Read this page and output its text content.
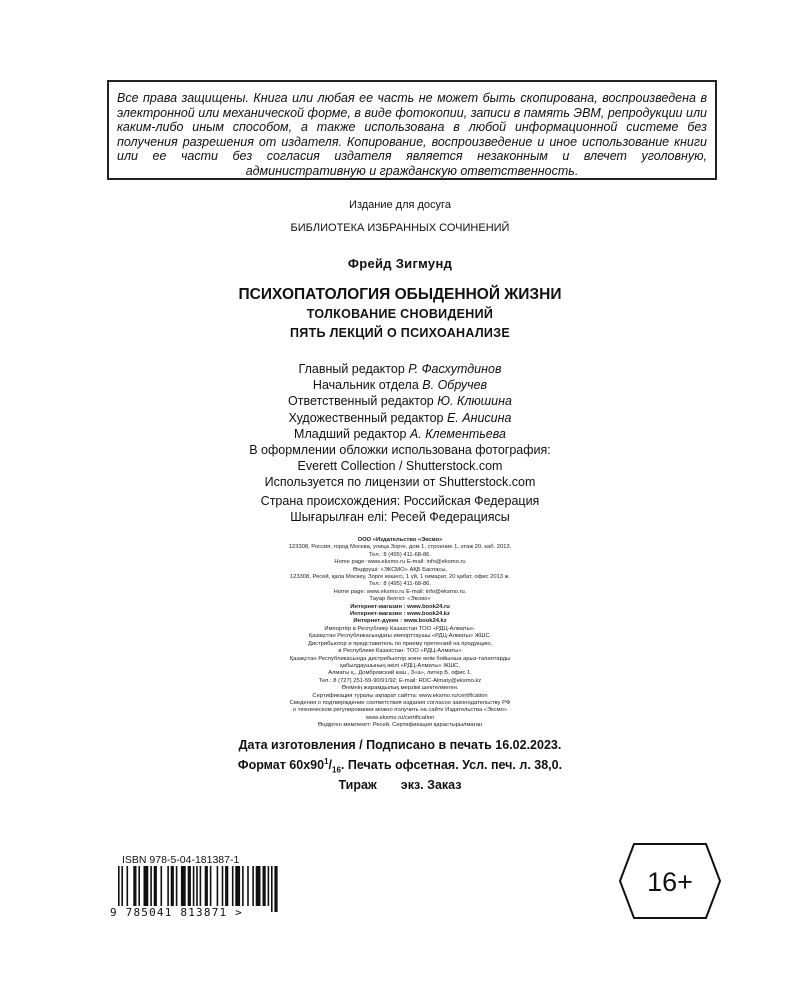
Все права защищены. Книга или любая ее часть не может быть скопирована, воспроизведена в электронной или механической форме, в виде фотокопии, записи в память ЭВМ, репродукции или каким-либо иным способом, а также использована в любой информационной системе без получения разрешения от издателя. Копирование, воспроизведение и иное использование книги или ее части без согласия издателя является незаконным и влечет уголовную, административную и гражданскую ответственность.
Издание для досуга
БИБЛИОТЕКА ИЗБРАННЫХ СОЧИНЕНИЙ
Фрейд Зигмунд
ПСИХОПАТОЛОГИЯ ОБЫДЕННОЙ ЖИЗНИ
ТОЛКОВАНИЕ СНОВИДЕНИЙ
ПЯТЬ ЛЕКЦИЙ О ПСИХОАНАЛИЗЕ
Главный редактор Р. Фасхутдинов
Начальник отдела В. Обручев
Ответственный редактор Ю. Клюшина
Художественный редактор Е. Анисина
Младший редактор А. Клементьева
В оформлении обложки использована фотография:
Everett Collection / Shutterstock.com
Используется по лицензии от Shutterstock.com
Страна происхождения: Российская Федерация
Шығарылған елі: Ресей Федерациясы
ООО «Издательство «Эксмо»
123308, Россия, город Москва, улица Зорге, дом 1, строение 1, этаж 20, каб. 2013.
Тел.: 8 (495) 411-68-86.
Home page: www.eksmo.ru E-mail: info@eksmo.ru
Өндіруші: «ЭКСМО» АҚБ Баспасы,
123308, Ресей, қала Мәскеу, Зорге көшесі, 1 үй, 1 ғимарат, 20 қабат, офис 2013 ж.
Тел.: 8 (495) 411-68-86.
Home page: www.eksmo.ru E-mail: info@eksmo.ru.
Тауар белгісі: «Эксмо»
Интернет-магазин : www.book24.ru
Интернет-магазин : www.book24.kz
Интернет-дүкен : www.book24.kz
Импортёр в Республику Казахстан ТОО «РДЦ-Алматы».
Қазақстан Республикасындағы импорттаушы «РДЦ-Алматы» ЖШС.
Дистрибьютор и представитель по приему претензий на продукцию,
в Республике Казахстан: ТОО «РДЦ-Алматы»
Қазақстан Республикасында дистрибьютор және өнім бойынша арыз-талаптарды
қабылдаушының өкілі «РДЦ-Алматы» ЖШС,
Алматы қ., Домбровский көш., 3«а», литер Б, офис 1.
Тел.: 8 (727) 251-59-90/91/92; E-mail: RDC-Almaty@eksmo.kz
Өнімнің жарамдылық мерзімі шектелмеген.
Сертификация туралы ақпарат сайтта: www.eksmo.ru/certification
Сведения о подтверждении соответствия издания согласно законодательству РФ
о техническом регулировании можно получить на сайте Издательства «Эксмо»
www.eksmo.ru/certification
Өндірген мемлекет: Ресей. Сертификация қарастырылмаған
Дата изготовления / Подписано в печать 16.02.2023.
Формат $60x90^1/_{16}$. Печать офсетная. Усл. печ. л. 38,0.
Тираж экз. Заказ
ISBN 978-5-04-181387-1
9 785041 813871 >
16+
